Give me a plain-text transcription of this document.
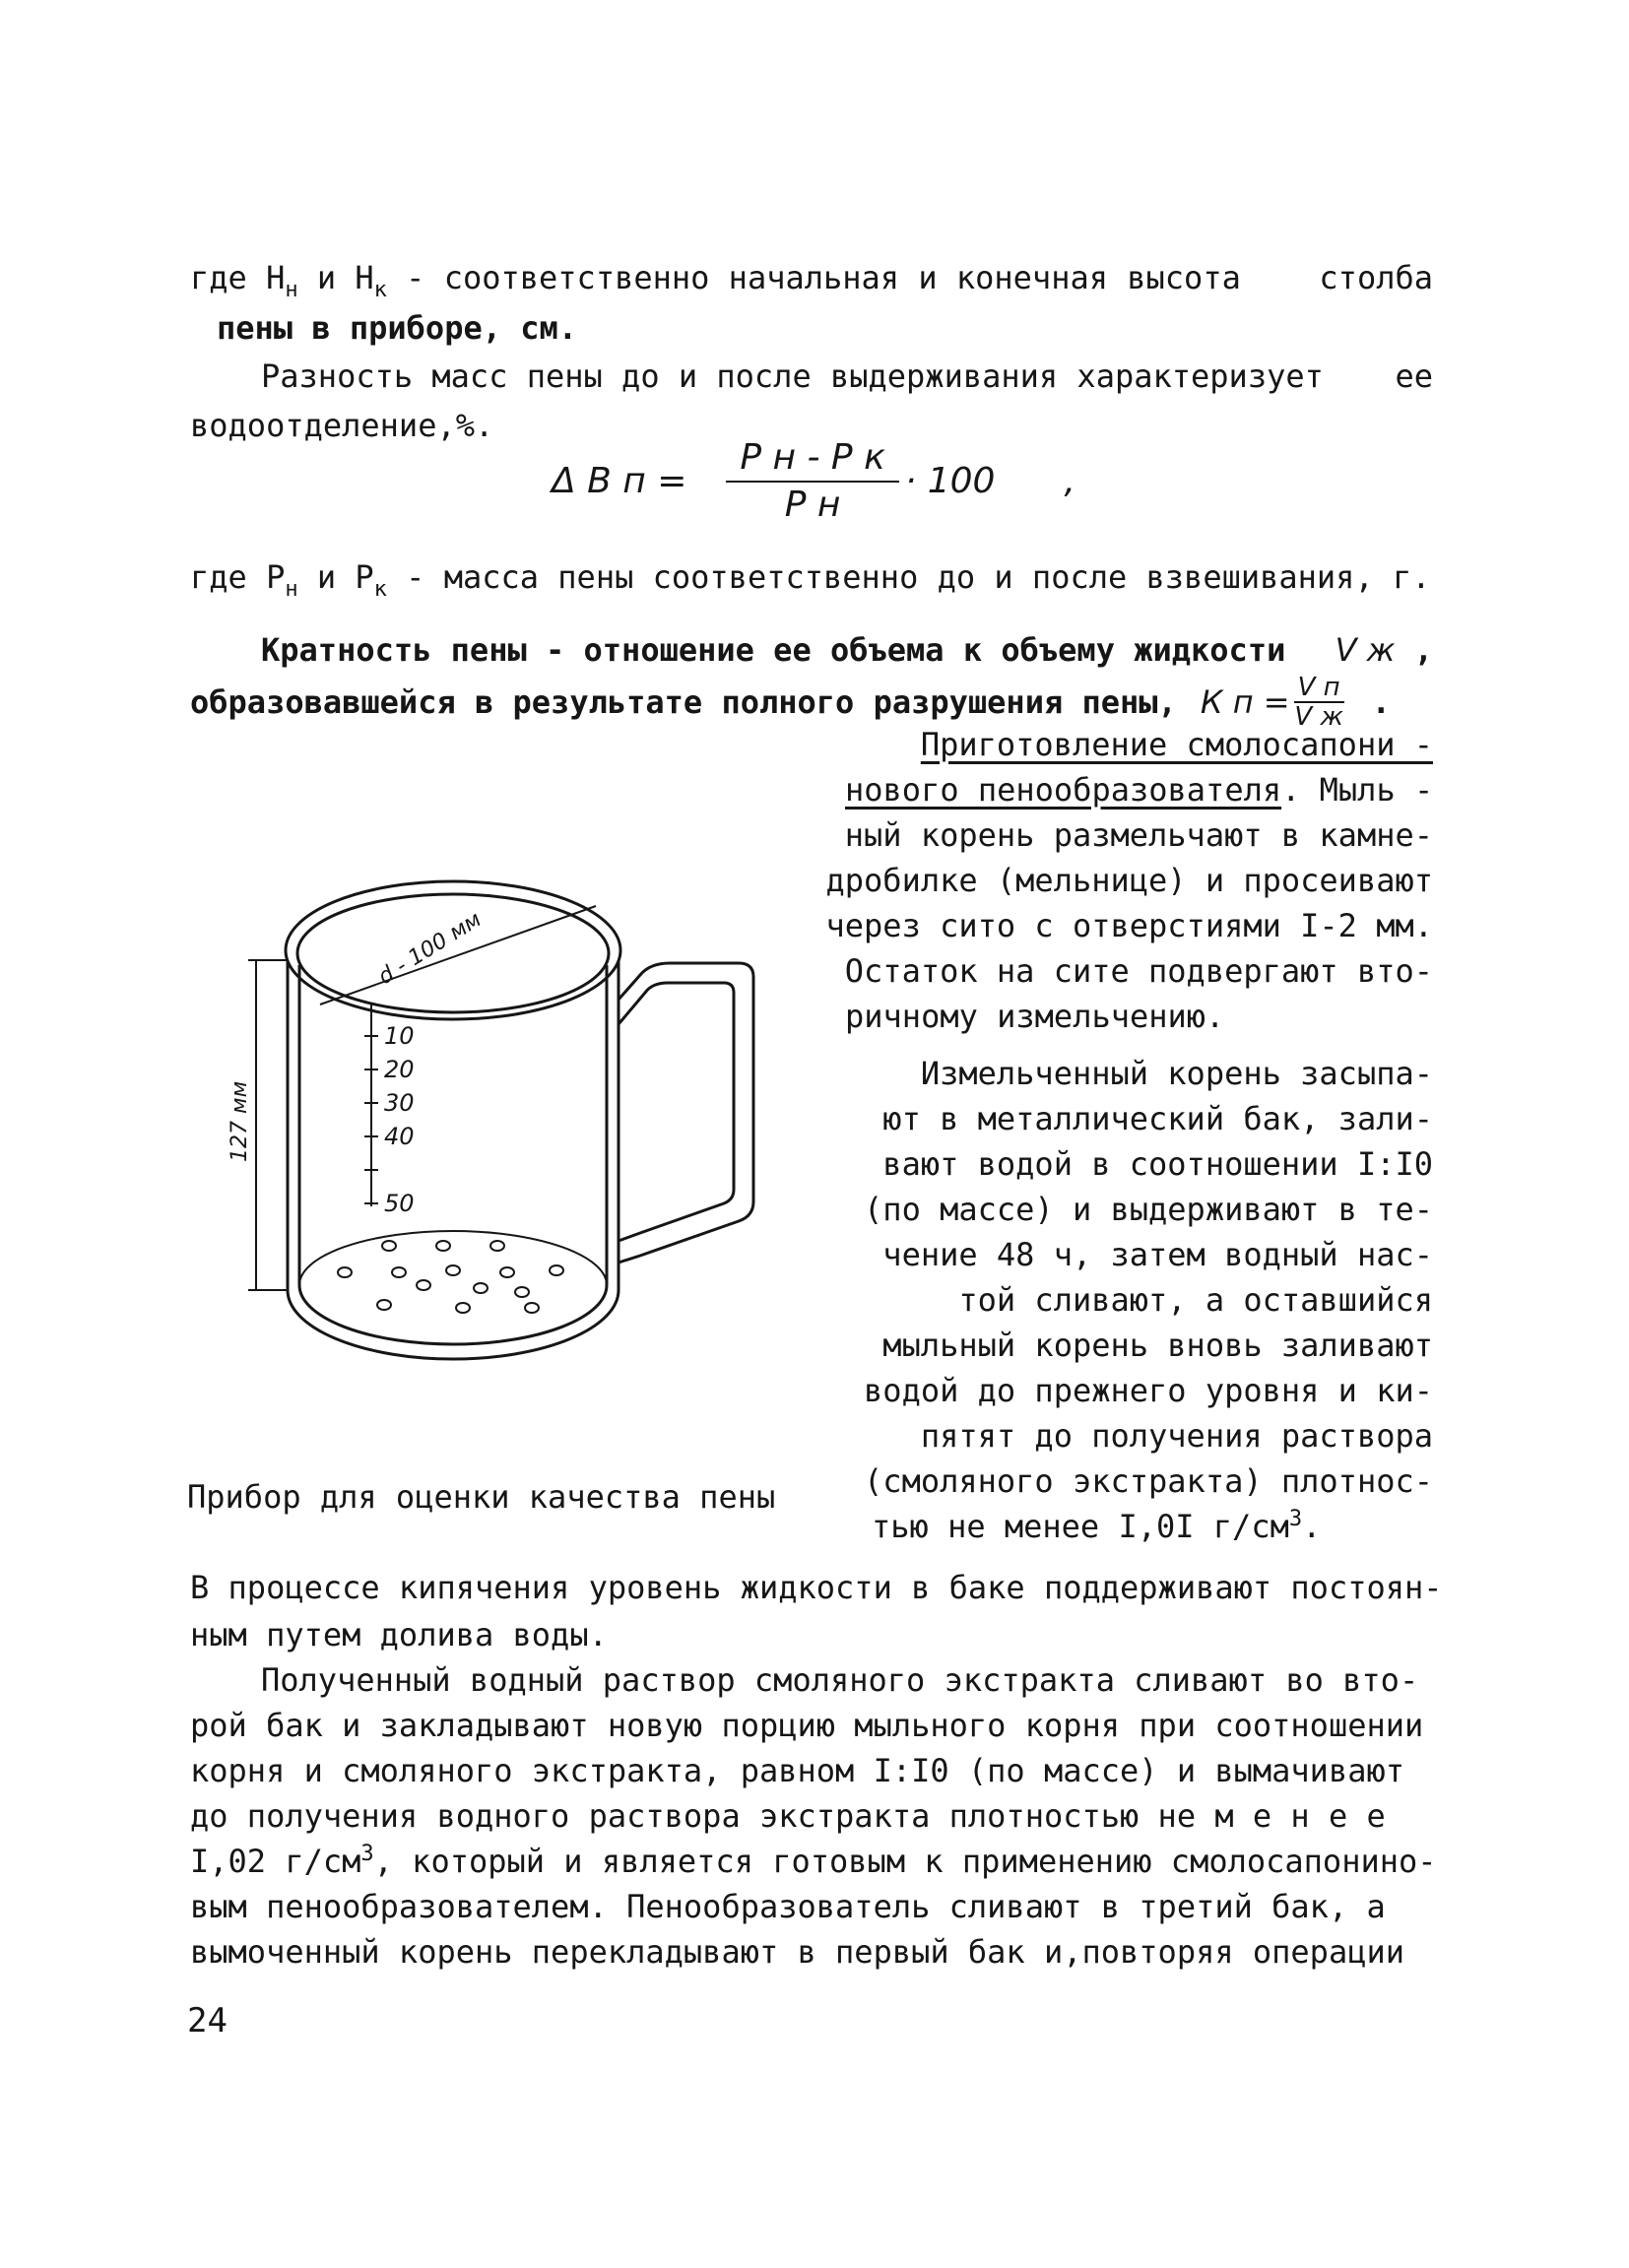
где $Н_н$ и $Н_к$ - соответственно начальная и конечная высота столба
пены в приборе, см.
Разность масс пены до и после выдерживания характеризует ее
водоотделение,%.
Δ В $п = \frac{\text{Р н - Р к}}{\text{Р н}} \cdot 100$ ,
где $Р_н$ и $Р_к$ - масса пены соответственно до и после взвешивания, г.
Кратность пены - отношение ее объема к объему жидкости V ж ,
образовавшейся в результате полного разрушения пены, К $п = \frac{\text{V п}}{\text{V ж}}$ .
Приготовление смолосапони -
нового пенообразователя . Мыль -
ный корень размельчают в камне-
дробилке (мельнице) и просеивают
через сито с отверстиями I-2 мм.
Остаток на сите подвергают вто-
ричному измельчению.
Измельченный корень засыпа-
ют в металлический бак, зали-
вают водой в соотношении I:I0
(по массе) и выдерживают в те-
чение 48 ч, затем водный нас-
той сливают, а оставшийся
мыльный корень вновь заливают
водой до прежнего уровня и ки-
пятят до получения раствора
(смоляного экстракта) плотнос-
тью не менее I,0I $г/см^3$.
d - 100 мм
127 мм
10
20
30
40
50
Прибор для оценки качества пены
В процессе кипячения уровень жидкости в баке поддерживают постоян-
ным путем долива воды.
Полученный водный раствор смоляного экстракта сливают во вто-
рой бак и закладывают новую порцию мыльного корня при соотношении
корня и смоляного экстракта, равном I:I0 (по массе) и вымачивают
до получения водного раствора экстракта плотностью не м е н е е
I,02 $г/см^3$, который и является готовым к применению смолосапонино-
вым пенообразователем. Пенообразователь сливают в третий бак, а
вымоченный корень перекладывают в первый бак и,повторяя операции
24
